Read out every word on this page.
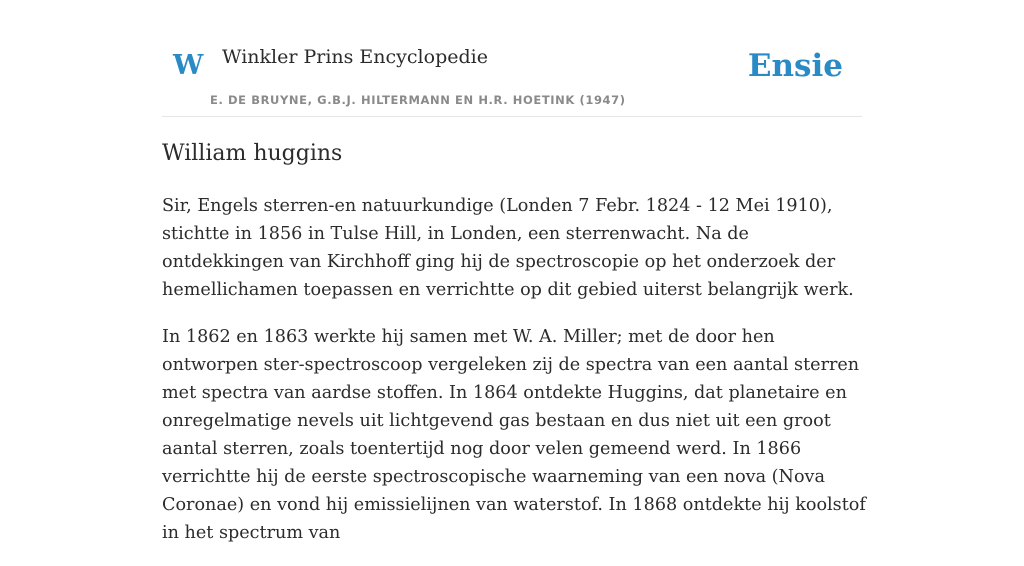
W Winkler Prins Encyclopedie
E. DE BRUYNE, G.B.J. HILTERMANN EN H.R. HOETINK (1947)
Ensie
William huggins

Sir, Engels sterren-en natuurkundige (Londen 7 Febr. 1824 - 12 Mei 1910), stichtte in 1856 in Tulse Hill, in Londen, een sterrenwacht. Na de ontdekkingen van Kirchhoff ging hij de spectroscopie op het onderzoek der hemellichamen toepassen en verrichtte op dit gebied uiterst belangrijk werk.

In 1862 en 1863 werkte hij samen met W. A. Miller; met de door hen ontworpen ster-spectroscoop vergeleken zij de spectra van een aantal sterren met spectra van aardse stoffen. In 1864 ontdekte Huggins, dat planetaire en onregelmatige nevels uit lichtgevend gas bestaan en dus niet uit een groot aantal sterren, zoals toentertijd nog door velen gemeend werd. In 1866 verrichtte hij de eerste spectroscopische waarneming van een nova (Nova Coronae) en vond hij emissielijnen van waterstof. In 1868 ontdekte hij koolstof in het spectrum van
